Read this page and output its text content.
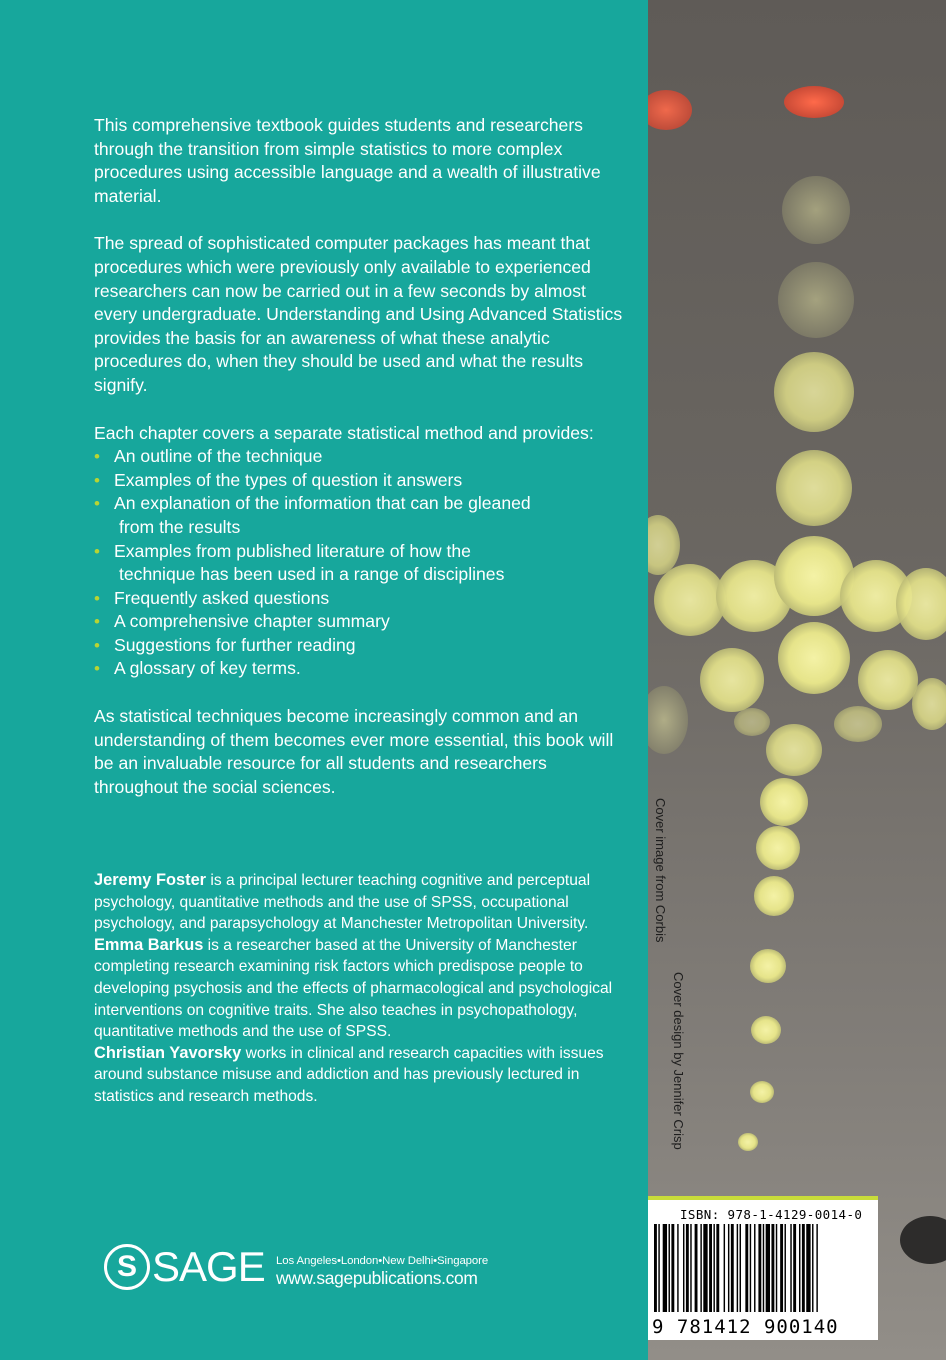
This comprehensive textbook guides students and researchers through the transition from simple statistics to more complex procedures using accessible language and a wealth of illustrative material.

The spread of sophisticated computer packages has meant that procedures which were previously only available to experienced researchers can now be carried out in a few seconds by almost every undergraduate. Understanding and Using Advanced Statistics provides the basis for an awareness of what these analytic procedures do, when they should be used and what the results signify.

Each chapter covers a separate statistical method and provides:

• An outline of the technique
• Examples of the types of question it answers
• An explanation of the information that can be gleaned
from the results
• Examples from published literature of how the
technique has been used in a range of disciplines
• Frequently asked questions
• A comprehensive chapter summary
• Suggestions for further reading
• A glossary of key terms.

As statistical techniques become increasingly common and an understanding of them becomes ever more essential, this book will be an invaluable resource for all students and researchers throughout the social sciences.

Jeremy Foster is a principal lecturer teaching cognitive and perceptual psychology, quantitative methods and the use of SPSS, occupational psychology, and parapsychology at Manchester Metropolitan University.

Emma Barkus is a researcher based at the University of Manchester completing research examining risk factors which predispose people to developing psychosis and the effects of pharmacological and psychological interventions on cognitive traits. She also teaches in psychopathology, quantitative methods and the use of SPSS.

Christian Yavorsky works in clinical and research capacities with issues around substance misuse and addiction and has previously lectured in statistics and research methods.

S SAGE Los Angeles•London•New Delhi•Singapore
www.sagepublications.com
Cover image from Corbis
Cover design by Jennifer Crisp
ISBN: 978-1-4129-0014-0
9 781412 900140
